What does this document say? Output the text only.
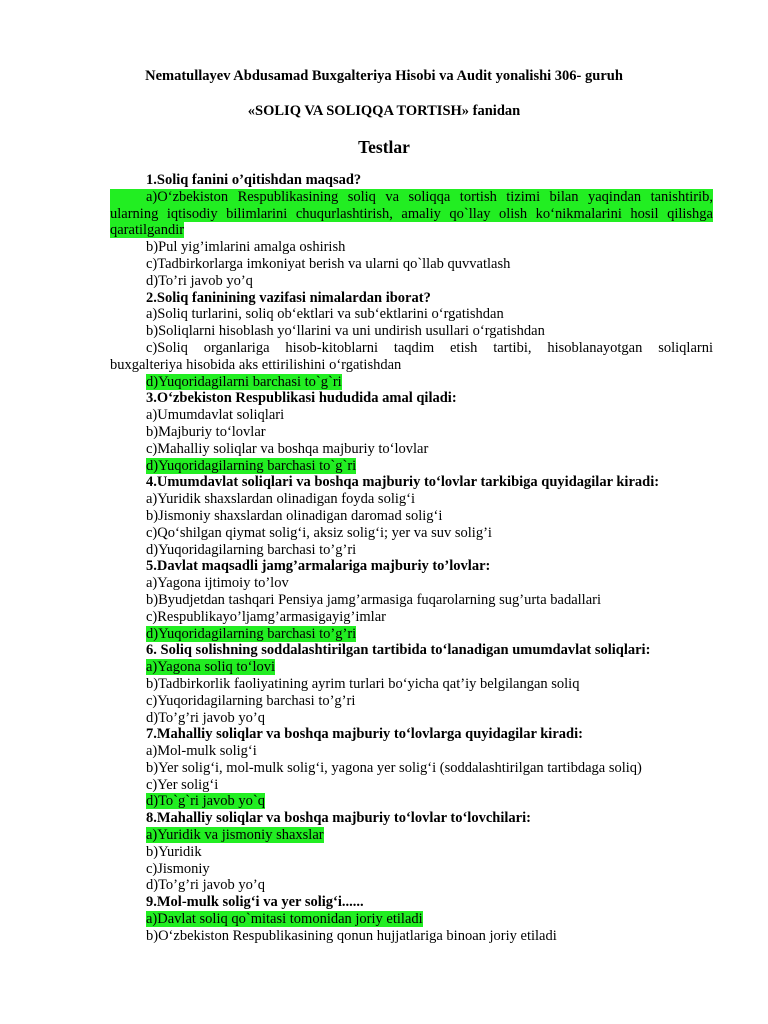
Nematullayev Abdusamad Buxgalteriya Hisobi va Audit yonalishi 306- guruh
«SOLIQ VA SOLIQQA TORTISH» fanidan
Testlar
1.Soliq fanini o’qitishdan maqsad?
a)O‘zbekiston Respublikasining soliq va soliqqa tortish tizimi bilan yaqindan tanishtirib,
ularning iqtisodiy bilimlarini chuqurlashtirish, amaliy qo`llay olish ko‘nikmalarini hosil qilishga
qaratilgandir
b)Pul yig’imlarini amalga oshirish
c)Tadbirkorlarga imkoniyat berish va ularni qo`llab quvvatlash
d)To’ri javob yo’q
2.Soliq faninining vazifasi nimalardan iborat?
a)Soliq turlarini, soliq ob‘ektlari va sub‘ektlarini o‘rgatishdan
b)Soliqlarni hisoblash yo‘llarini va uni undirish usullari o‘rgatishdan
c)Soliq organlariga hisob-kitoblarni taqdim etish tartibi, hisoblanayotgan soliqlarni
buxgalteriya hisobida aks ettirilishini o‘rgatishdan
d)Yuqoridagilarni barchasi to`g`ri
3.O‘zbekiston Respublikasi hududida amal qiladi:
a)Umumdavlat soliqlari
b)Majburiy to‘lovlar
c)Mahalliy soliqlar va boshqa majburiy to‘lovlar
d)Yuqoridagilarning barchasi to`g`ri
4.Umumdavlat soliqlari va boshqa majburiy to‘lovlar tarkibiga quyidagilar kiradi:
a)Yuridik shaxslardan olinadigan foyda solig‘i
b)Jismoniy shaxslardan olinadigan daromad solig‘i
c)Qo‘shilgan qiymat solig‘i, aksiz solig‘i; yer va suv solig’i
d)Yuqoridagilarning barchasi to’g’ri
5.Davlat maqsadli jamg’armalariga majburiy to’lovlar:
a)Yagona ijtimoiy to’lov
b)Byudjetdan tashqari Pensiya jamg’armasiga fuqarolarning sug’urta badallari
c)Respublikayo’ljamg’armasigayig’imlar
d)Yuqoridagilarning barchasi to’g’ri
6. Soliq solishning soddalashtirilgan tartibida to‘lanadigan umumdavlat soliqlari:
a)Yagona soliq to‘lovi
b)Tadbirkorlik faoliyatining ayrim turlari bo‘yicha qat’iy belgilangan soliq
c)Yuqoridagilarning barchasi to’g’ri
d)To’g’ri javob yo’q
7.Mahalliy soliqlar va boshqa majburiy to‘lovlarga quyidagilar kiradi:
a)Mol-mulk solig‘i
b)Yer solig‘i, mol-mulk solig‘i, yagona yer solig‘i (soddalashtirilgan tartibdaga soliq)
c)Yer solig‘i
d)To`g`ri javob yo`q
8.Mahalliy soliqlar va boshqa majburiy to‘lovlar to‘lovchilari:
a)Yuridik va jismoniy shaxslar
b)Yuridik
c)Jismoniy
d)To’g’ri javob yo’q
9.Mol-mulk solig‘i va yer solig‘i......
a)Davlat soliq qo`mitasi tomonidan joriy etiladi
b)O‘zbekiston Respublikasining qonun hujjatlariga binoan joriy etiladi
